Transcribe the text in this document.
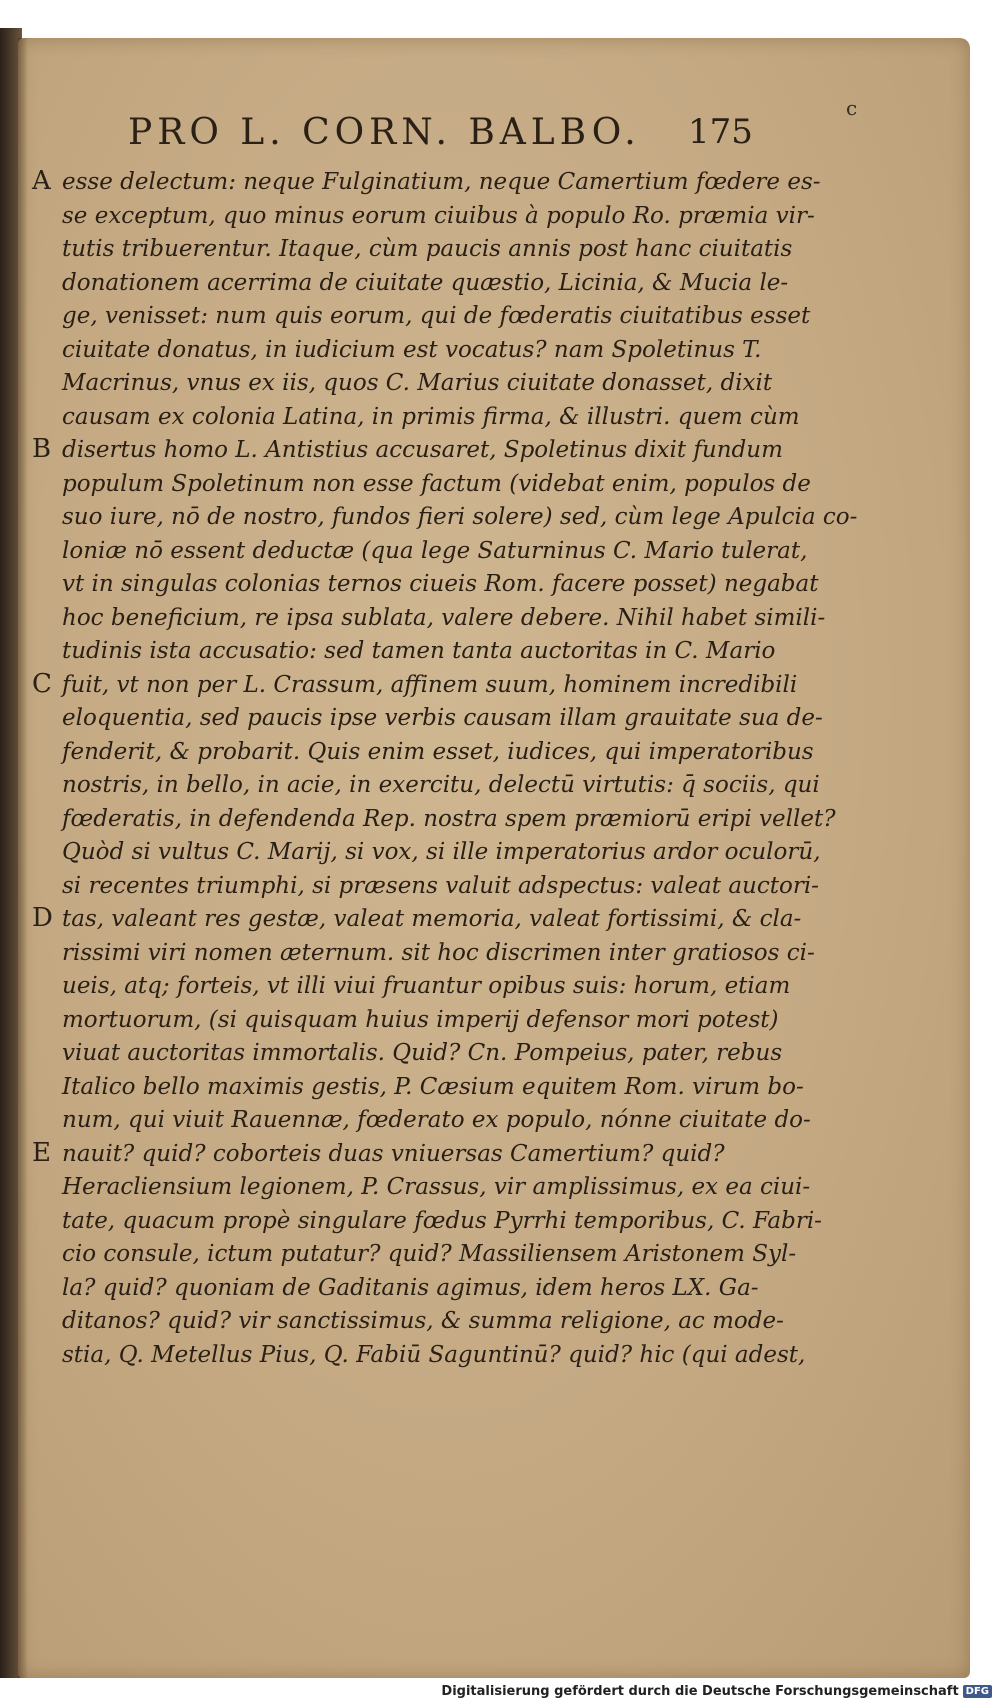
PRO L. CORN. BALBO.	175
c
A
B
C
D
E
esse delectum: neque Fulginatium, neque Camertium fœdere es-
se exceptum, quo minus eorum ciuibus à populo Ro. præmia vir-
tutis tribuerentur. Itaque, cùm paucis annis post hanc ciuitatis
donationem acerrima de ciuitate quæstio, Licinia, & Mucia le-
ge, venisset: num quis eorum, qui de fœderatis ciuitatibus esset
ciuitate donatus, in iudicium est vocatus? nam Spoletinus T.
Macrinus, vnus ex iis, quos C. Marius ciuitate donasset, dixit
causam ex colonia Latina, in primis firma, & illustri. quem cùm
disertus homo L. Antistius accusaret, Spoletinus dixit fundum
populum Spoletinum non esse factum (videbat enim, populos de
suo iure, nō de nostro, fundos fieri solere) sed, cùm lege Apulcia co-
loniæ nō essent deductæ (qua lege Saturninus C. Mario tulerat,
vt in singulas colonias ternos ciueis Rom. facere posset) negabat
hoc beneficium, re ipsa sublata, valere debere. Nihil habet simili-
tudinis ista accusatio: sed tamen tanta auctoritas in C. Mario
fuit, vt non per L. Crassum, affinem suum, hominem incredibili
eloquentia, sed paucis ipse verbis causam illam grauitate sua de-
fenderit, & probarit. Quis enim esset, iudices, qui imperatoribus
nostris, in bello, in acie, in exercitu, delectū virtutis: q̄ sociis, qui
fœderatis, in defendenda Rep. nostra spem præmiorū eripi vellet?
Quòd si vultus C. Marij, si vox, si ille imperatorius ardor oculorū,
si recentes triumphi, si præsens valuit adspectus: valeat auctori-
tas, valeant res gestæ, valeat memoria, valeat fortissimi, & cla-
rissimi viri nomen æternum. sit hoc discrimen inter gratiosos ci-
ueis, atq; forteis, vt illi viui fruantur opibus suis: horum, etiam
mortuorum, (si quisquam huius imperij defensor mori potest)
viuat auctoritas immortalis. Quid? Cn. Pompeius, pater, rebus
Italico bello maximis gestis, P. Cæsium equitem Rom. virum bo-
num, qui viuit Rauennæ, fœderato ex populo, nónne ciuitate do-
nauit? quid? coborteis duas vniuersas Camertium? quid?
Heracliensium legionem, P. Crassus, vir amplissimus, ex ea ciui-
tate, quacum propè singulare fœdus Pyrrhi temporibus, C. Fabri-
cio consule, ictum putatur? quid? Massiliensem Aristonem Syl-
la? quid? quoniam de Gaditanis agimus, idem heros LX. Ga-
ditanos? quid? vir sanctissimus, & summa religione, ac mode-
stia, Q. Metellus Pius, Q. Fabiū Saguntinū? quid? hic (qui adest,
Digitalisierung gefördert durch die Deutsche Forschungsgemeinschaft DFG
